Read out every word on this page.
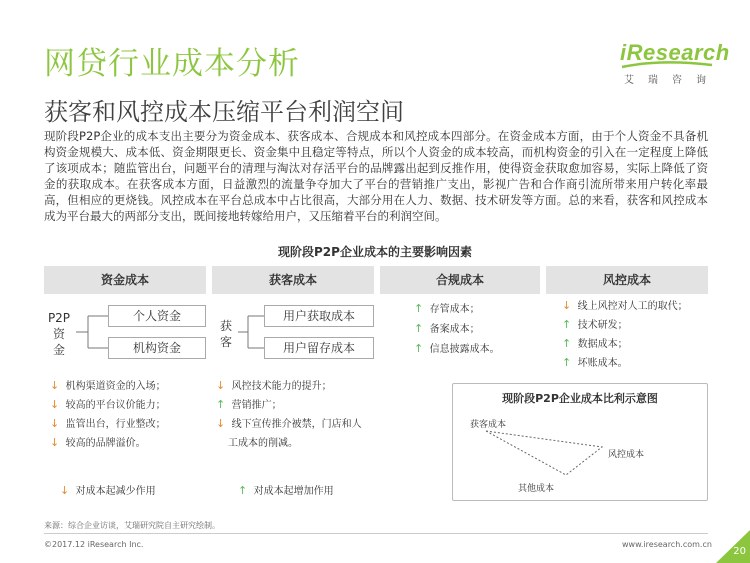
网贷行业成本分析
获客和风控成本压缩平台利润空间
iResearch
艾瑞咨询
现阶段P2P企业的成本支出主要分为资金成本、获客成本、合规成本和风控成本四部分。在资金成本方面，由于个人资金不具备机构资金规模大、成本低、资金期限更长、资金集中且稳定等特点，所以个人资金的成本较高，而机构资金的引入在一定程度上降低了该项成本；随监管出台，问题平台的清理与淘汰对存活平台的品牌露出起到反推作用，使得资金获取愈加容易，实际上降低了资金的获取成本。在获客成本方面，日益激烈的流量争夺加大了平台的营销推广支出，影视广告和合作商引流所带来用户转化率最高，但相应的更烧钱。风控成本在平台总成本中占比很高，大部分用在人力、数据、技术研发等方面。总的来看，获客和风控成本成为平台最大的两部分支出，既间接地转嫁给用户，又压缩着平台的利润空间。
现阶段P2P企业成本的主要影响因素
资金成本	获客成本	合规成本	风控成本
P2P
资
金
个人资金
机构资金
↓ 机构渠道资金的入场；
↓ 较高的平台议价能力；
↓ 监管出台，行业整改；
↓ 较高的品牌溢价。
↓ 对成本起减少作用
获
客
用户获取成本
用户留存成本
↓ 风控技术能力的提升；
↑ 营销推广；
↓ 线下宣传推介被禁，门店和人
工成本的削减。
↑ 对成本起增加作用
↑ 存管成本；
↑ 备案成本；
↑ 信息披露成本。
↓ 线上风控对人工的取代；
↑ 技术研发；
↑ 数据成本；
↑ 坏账成本。
现阶段P2P企业成本比利示意图
获客成本
风控成本
其他成本
来源：综合企业访谈，艾瑞研究院自主研究绘制。
©2017.12 iResearch Inc.	www.iresearch.com.cn
20
